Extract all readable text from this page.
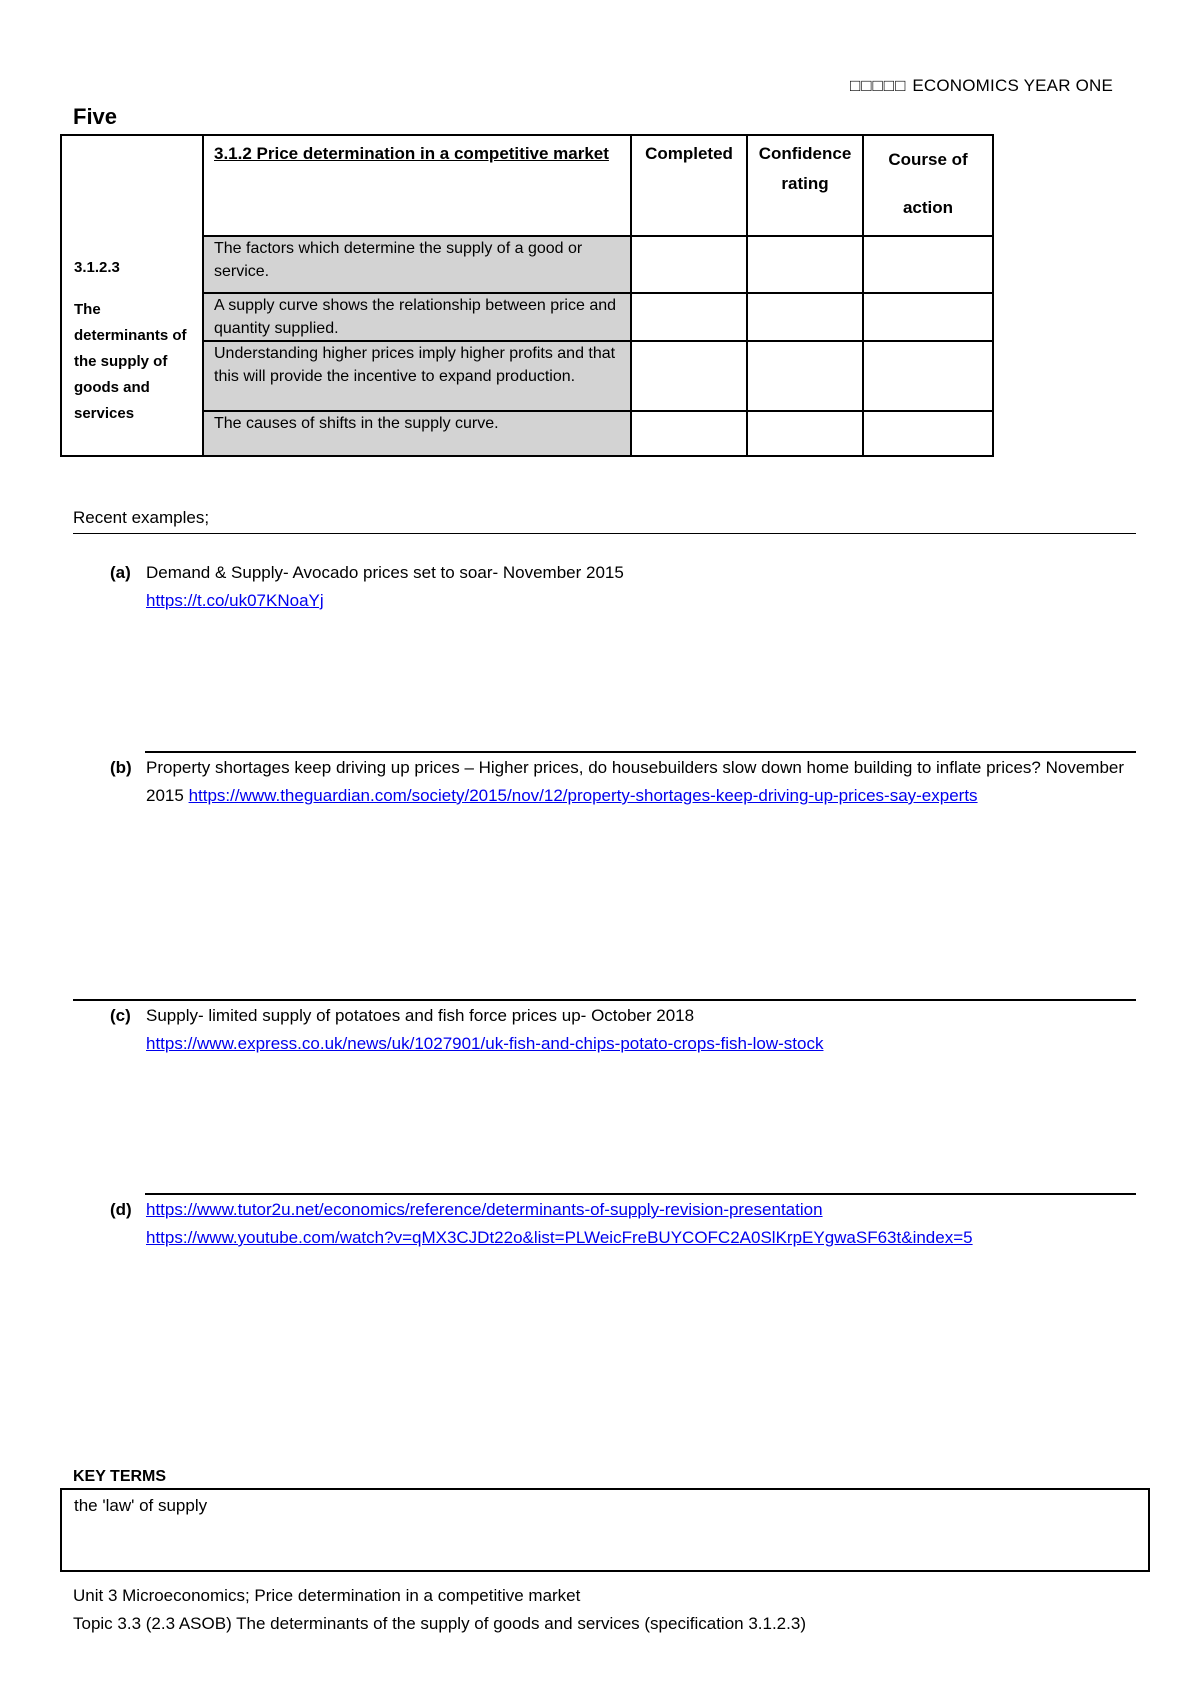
□□□□□ ECONOMICS YEAR ONE
Five
3.1.2.3
The determinants of the supply of goods and services	3.1.2 Price determination in a competitive market	Completed	Confidence rating	Course of action
	The factors which determine the supply of a good or service.			
	A supply curve shows the relationship between price and quantity supplied.			
	Understanding higher prices imply higher profits and that this will provide the incentive to expand production.			
	The causes of shifts in the supply curve.			
Recent examples;
(a) Demand & Supply- Avocado prices set to soar- November 2015
https://t.co/uk07KNoaYj
(b) Property shortages keep driving up prices – Higher prices, do housebuilders slow down home building to inflate prices? November 2015 https://www.theguardian.com/society/2015/nov/12/property-shortages-keep-driving-up-prices-say-experts
(c) Supply- limited supply of potatoes and fish force prices up- October 2018
https://www.express.co.uk/news/uk/1027901/uk-fish-and-chips-potato-crops-fish-low-stock
(d) https://www.tutor2u.net/economics/reference/determinants-of-supply-revision-presentation
https://www.youtube.com/watch?v=qMX3CJDt22o&list=PLWeicFreBUYCOFC2A0SlKrpEYgwaSF63t&index=5
KEY TERMS
the 'law' of supply
Unit 3 Microeconomics; Price determination in a competitive market
Topic 3.3 (2.3 ASOB) The determinants of the supply of goods and services (specification 3.1.2.3)
